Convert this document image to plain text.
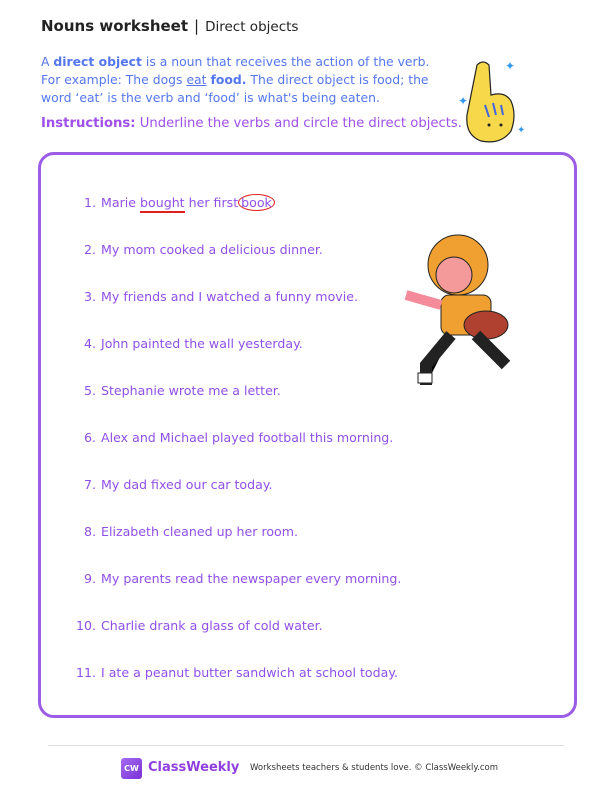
Nouns worksheet | Direct objects
A direct object is a noun that receives the action of the verb. For example: The dogs eat food. The direct object is food; the word ‘eat’ is the verb and ‘food’ is what's being eaten.
Instructions: Underline the verbs and circle the direct objects.
✦
✦
✦
1. Marie bought her first book
2. My mom cooked a delicious dinner.
3. My friends and I watched a funny movie.
4. John painted the wall yesterday.
5. Stephanie wrote me a letter.
6. Alex and Michael played football this morning.
7. My dad fixed our car today.
8. Elizabeth cleaned up her room.
9. My parents read the newspaper every morning.
10. Charlie drank a glass of cold water.
11. I ate a peanut butter sandwich at school today.
CW ClassWeekly Worksheets teachers & students love. © ClassWeekly.com
